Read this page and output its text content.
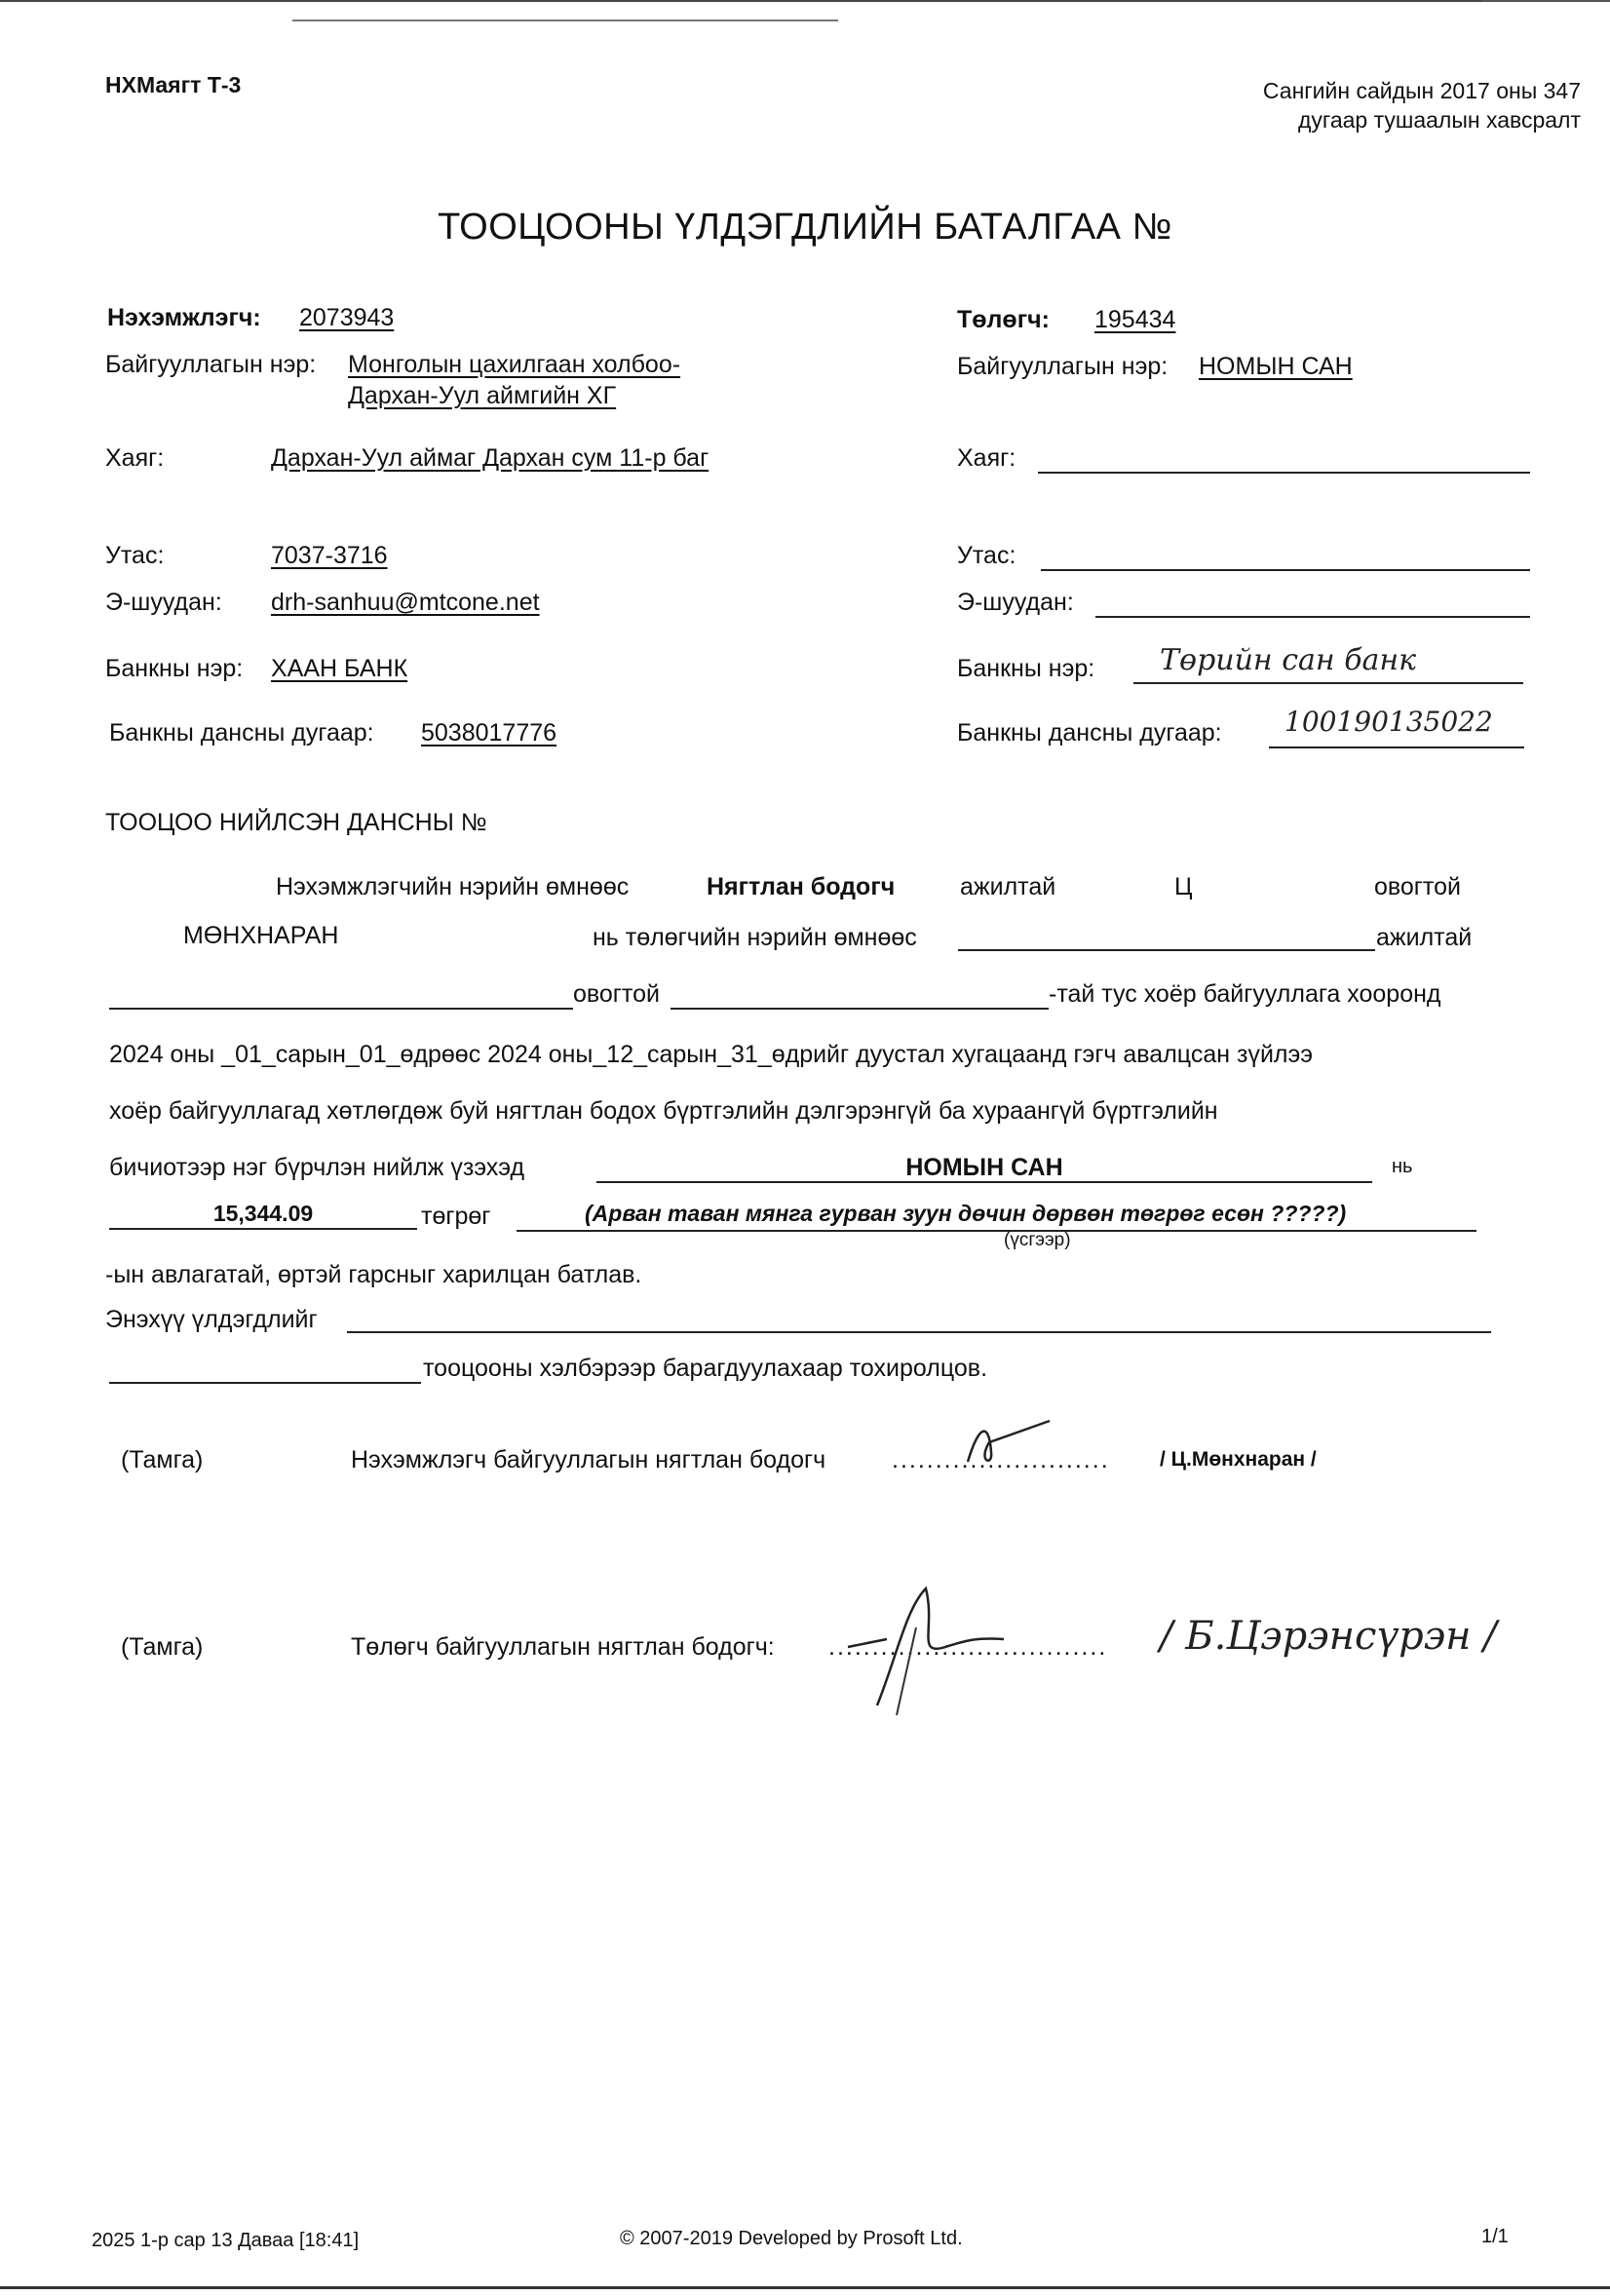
НХМаягт Т-3	Сангийн сайдын 2017 оны 347
дугаар тушаалын хавсралт
ТООЦООНЫ ҮЛДЭГДЛИЙН БАТАЛГАА №
Нэхэмжлэгч: 2073943
Байгууллагын нэр: Монголын цахилгаан холбоо-
Дархан-Уул аймгийн ХГ
Хаяг:	Дархан-Уул аймаг Дархан сум 11-р баг
Утас:	7037-3716
Э-шуудан: drh-sanhuu@mtcone.net
Банкны нэр: ХААН БАНК
Банкны дансны дугаар: 5038017776
Төлөгч: 195434
Байгууллагын нэр: НОМЫН САН
Хаяг:
Утас:
Э-шуудан:
Банкны нэр: Төрийн сан банк
Банкны дансны дугаар: 100190135022
ТООЦОО НИЙЛСЭН ДАНСНЫ №
Нэхэмжлэгчийн нэрийн өмнөөс	Нягтлан бодогч	ажилтай	Ц	овогтой
МӨНХНАРАН	нь төлөгчийн нэрийн өмнөөс	ажилтай
овогтой	-тай тус хоёр байгууллага хооронд
2024 оны _01_сарын_01_өдрөөс 2024 оны_12_сарын_31_өдрийг дуустал хугацаанд гэгч авалцсан зүйлээ
хоёр байгууллагад хөтлөгдөж буй нягтлан бодох бүртгэлийн дэлгэрэнгүй ба хураангүй бүртгэлийн
бичиотээр нэг бүрчлэн нийлж үзэхэд	НОМЫН САН	нь
15,344.09	төгрөг	(Арван таван мянга гурван зуун дөчин дөрвөн төгрөг есөн ?????)
(үсгээр)
-ын авлагатай, өртэй гарсныг харилцан батлав.
Энэхүү үлдэгдлийг
тооцооны хэлбэрээр барагдуулахаар тохиролцов.
(Тамга)	Нэхэмжлэгч байгууллагын нягтлан бодогч	......................... / Ц.Мөнхнаран /
(Тамга)	Төлөгч байгууллагын нягтлан бодогч: ................................ / Б.Цэрэнсүрэн /
2025 1-р сар 13 Даваа [18:41]	© 2007-2019 Developed by Prosoft Ltd.	1/1
